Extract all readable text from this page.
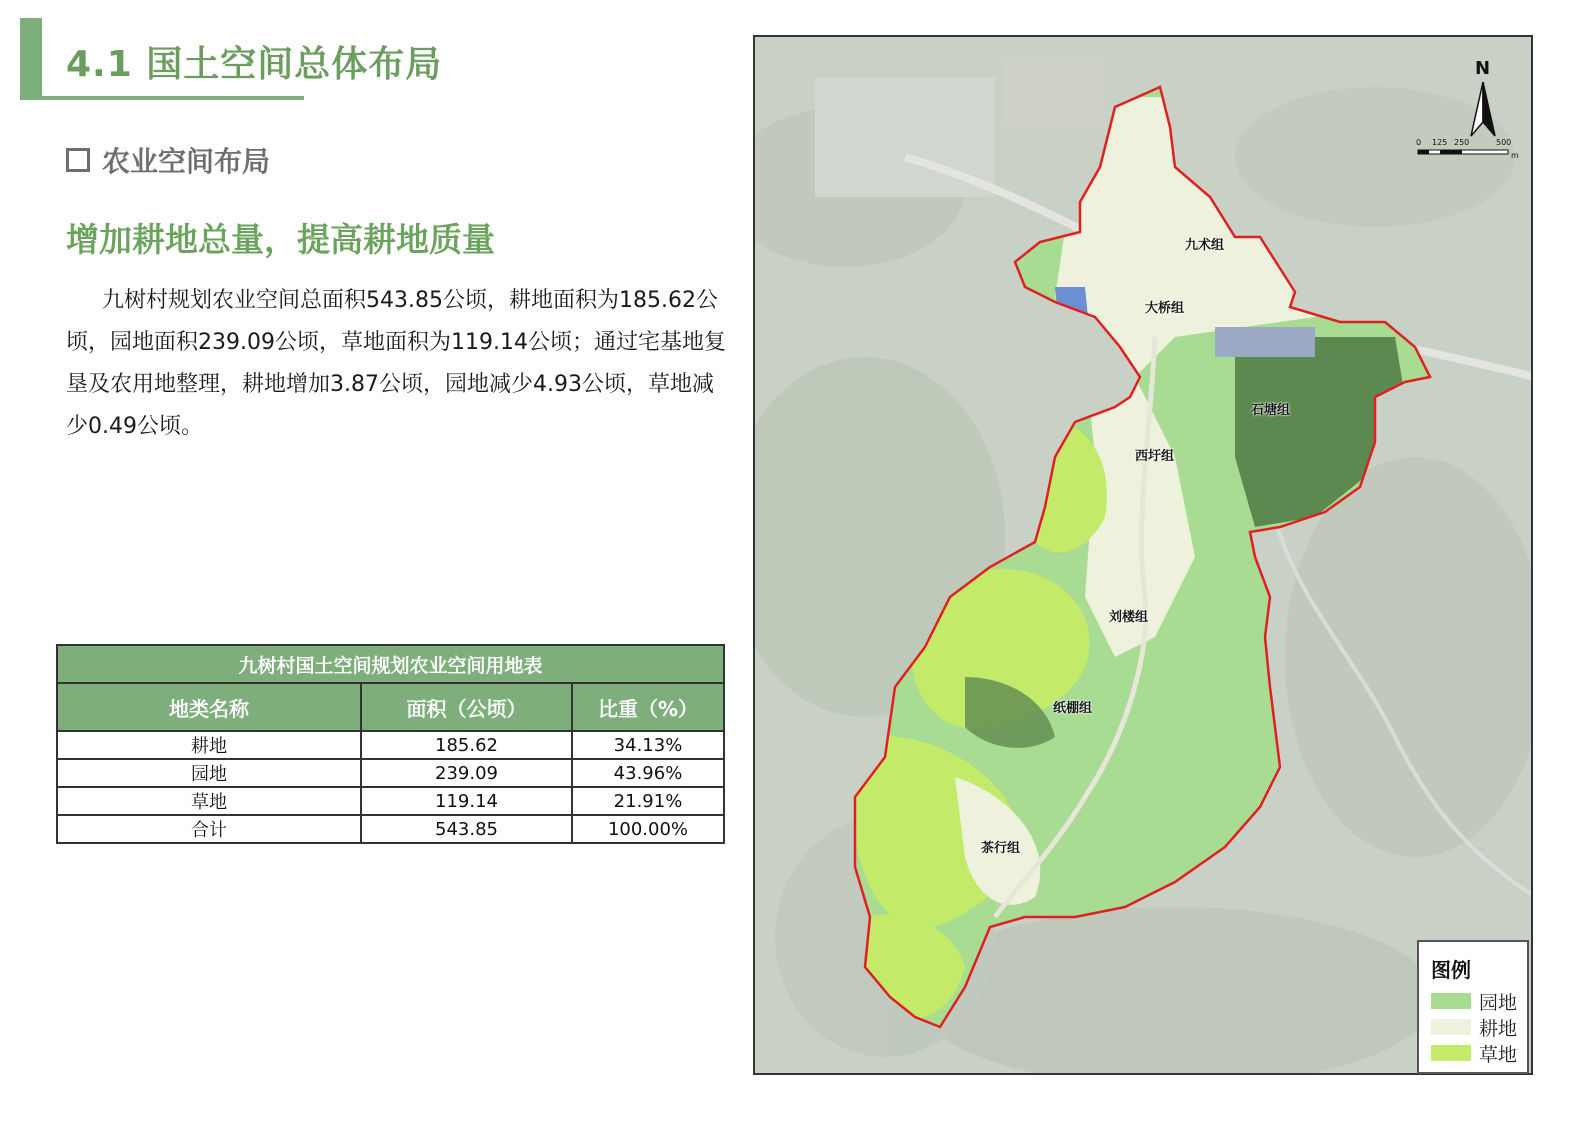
4.1 国土空间总体布局
农业空间布局
增加耕地总量，提高耕地质量
九树村规划农业空间总面积543.85公顷，耕地面积为185.62公顷，园地面积239.09公顷，草地面积为119.14公顷；通过宅基地复垦及农用地整理，耕地增加3.87公顷，园地减少4.93公顷，草地减少0.49公顷。
九树村国土空间规划农业空间用地表		
地类名称	面积（公顷）	比重（%）
耕地	185.62	34.13%
园地	239.09	43.96%
草地	119.14	21.91%
合计	543.85	100.00%
九术组
大桥组
石塘组
西圩组
刘楼组
纸棚组
茶行组
N
0 125 250	500
m
图例
园地
耕地
草地
